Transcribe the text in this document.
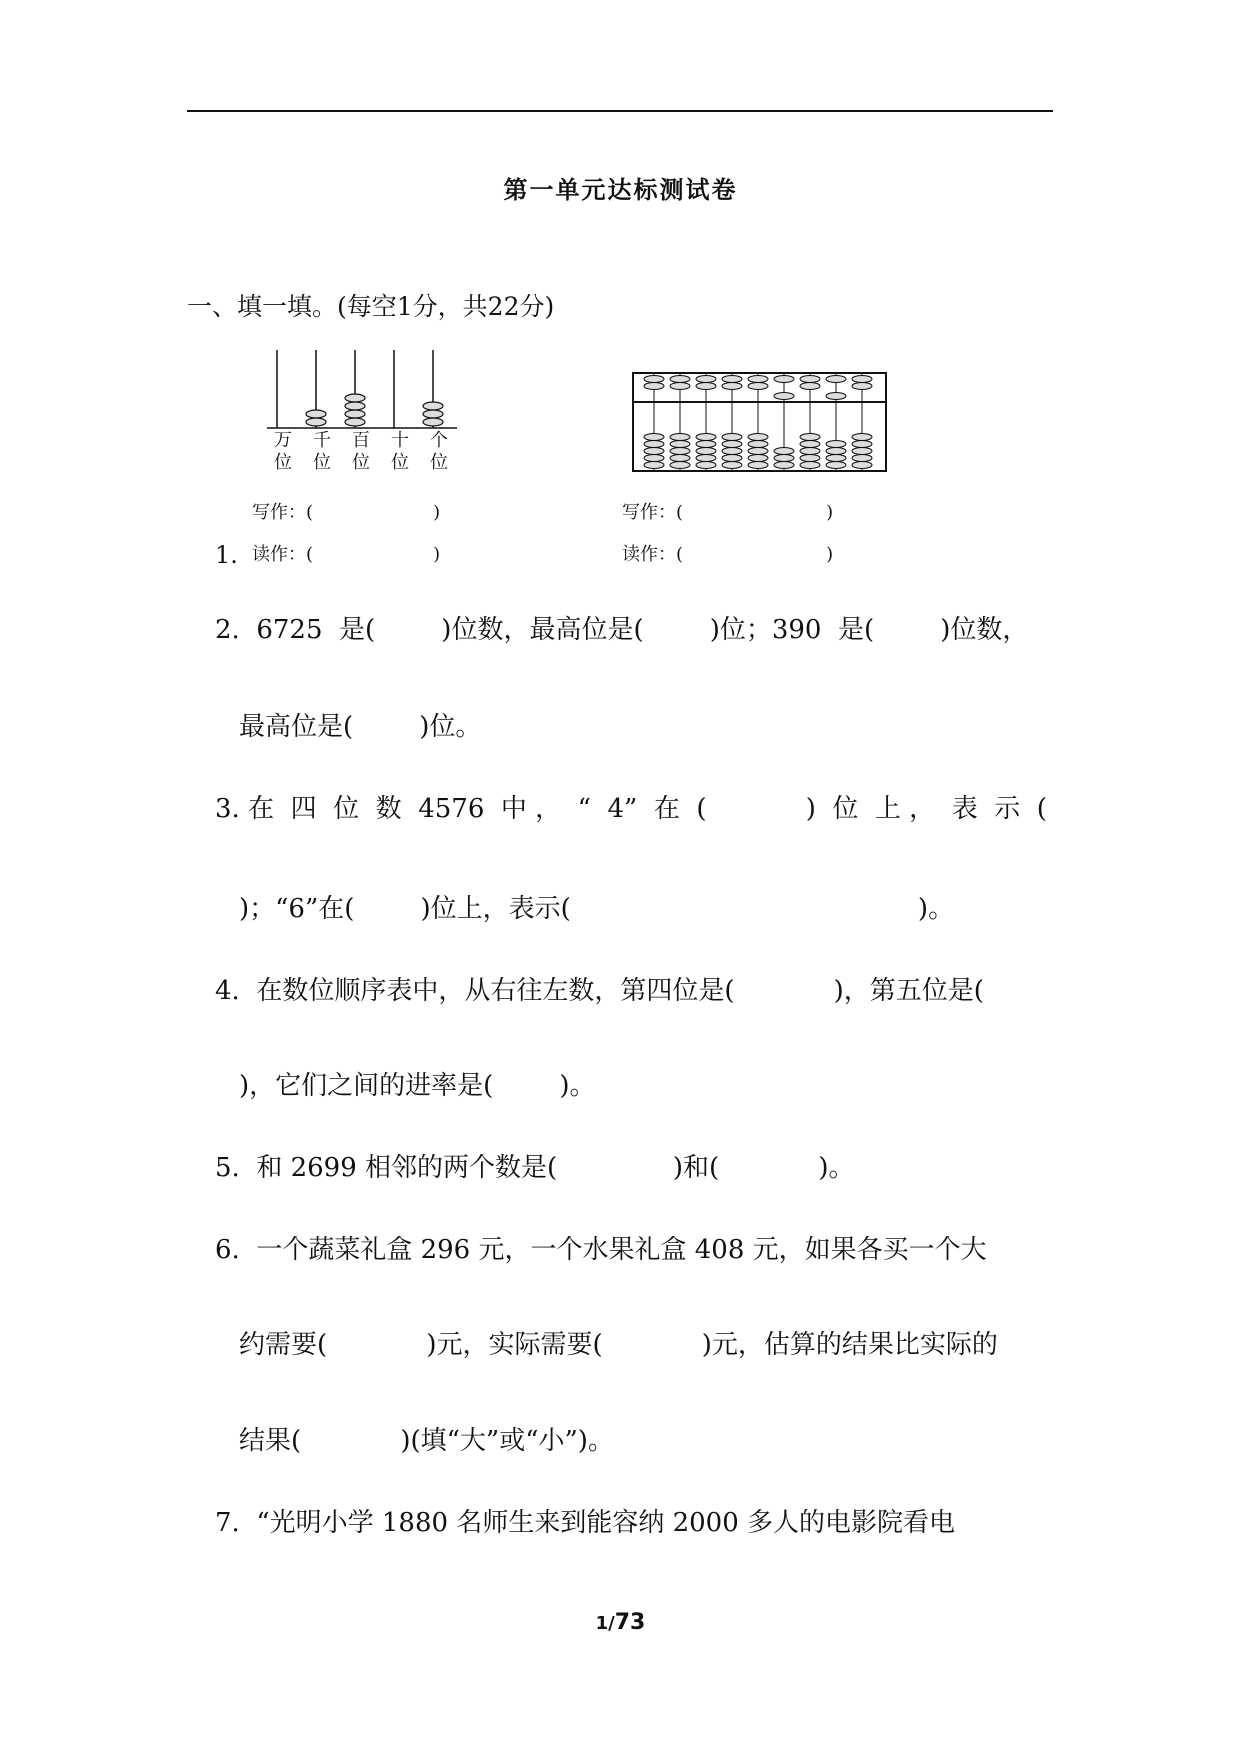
第一单元达标测试卷
一、填一填。(每空1分，共22分)
万
位
千
位
百
位
十
位
个
位
写作：(                     )
读作：(                     )
写作：(                         )
读作：(                         )
1.
2.  6725  是(        )位数，最高位是(        )位；390  是(        )位数，
最高位是(        )位。
3. 在  四  位  数  4576  中 ，  “  4”  在  (            )  位  上 ，  表  示  (
)；“6”在(        )位上，表示(                                          )。
4.  在数位顺序表中，从右往左数，第四位是(            )，第五位是(
)，它们之间的进率是(        )。
5.  和 2699 相邻的两个数是(              )和(            )。
6.  一个蔬菜礼盒 296 元，一个水果礼盒 408 元，如果各买一个大
约需要(            )元，实际需要(            )元，估算的结果比实际的
结果(            )(填“大”或“小”)。
7.  “光明小学 1880 名师生来到能容纳 2000 多人的电影院看电
1/73
